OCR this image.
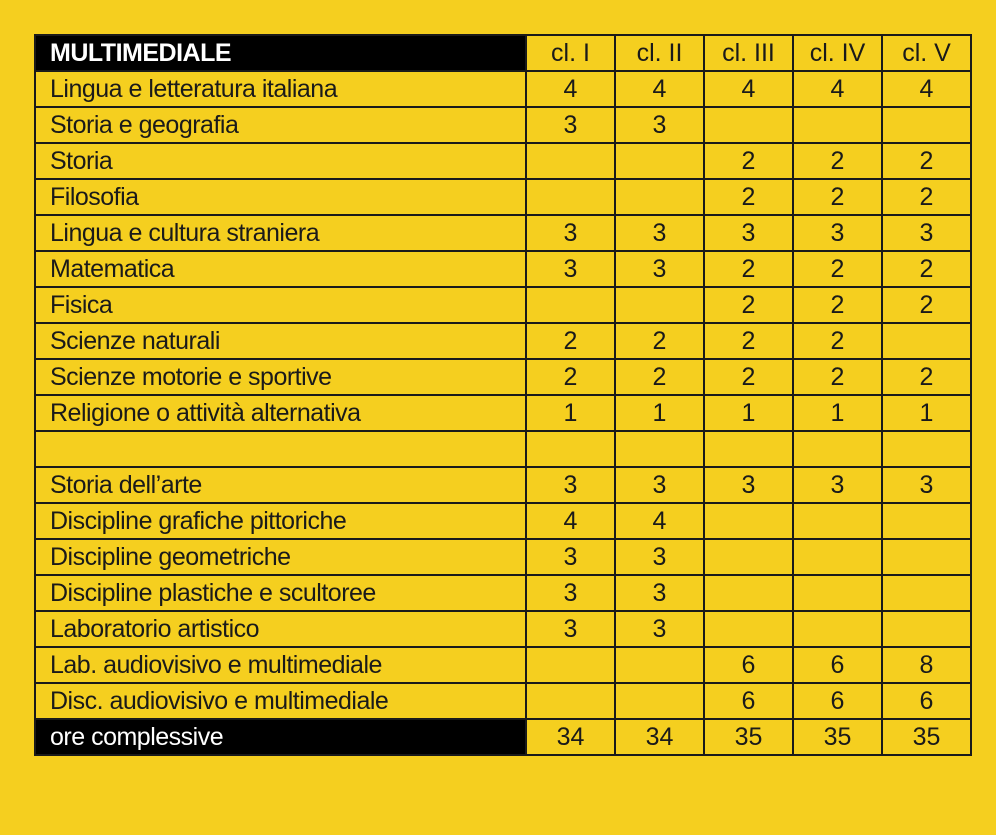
MULTIMEDIALE	cl. I	cl. II	cl. III	cl. IV	cl. V
Lingua e letteratura italiana	4	4	4	4	4
Storia e geografia	3	3			
Storia			2	2	2
Filosofia			2	2	2
Lingua e cultura straniera	3	3	3	3	3
Matematica	3	3	2	2	2
Fisica			2	2	2
Scienze naturali	2	2	2	2	
Scienze motorie e sportive	2	2	2	2	2
Religione o attività alternativa	1	1	1	1	1

Storia dell’arte	3	3	3	3	3
Discipline grafiche pittoriche	4	4			
Discipline geometriche	3	3			
Discipline plastiche e scultoree	3	3			
Laboratorio artistico	3	3			
Lab. audiovisivo e multimediale			6	6	8
Disc. audiovisivo e multimediale			6	6	6
ore complessive	34	34	35	35	35
